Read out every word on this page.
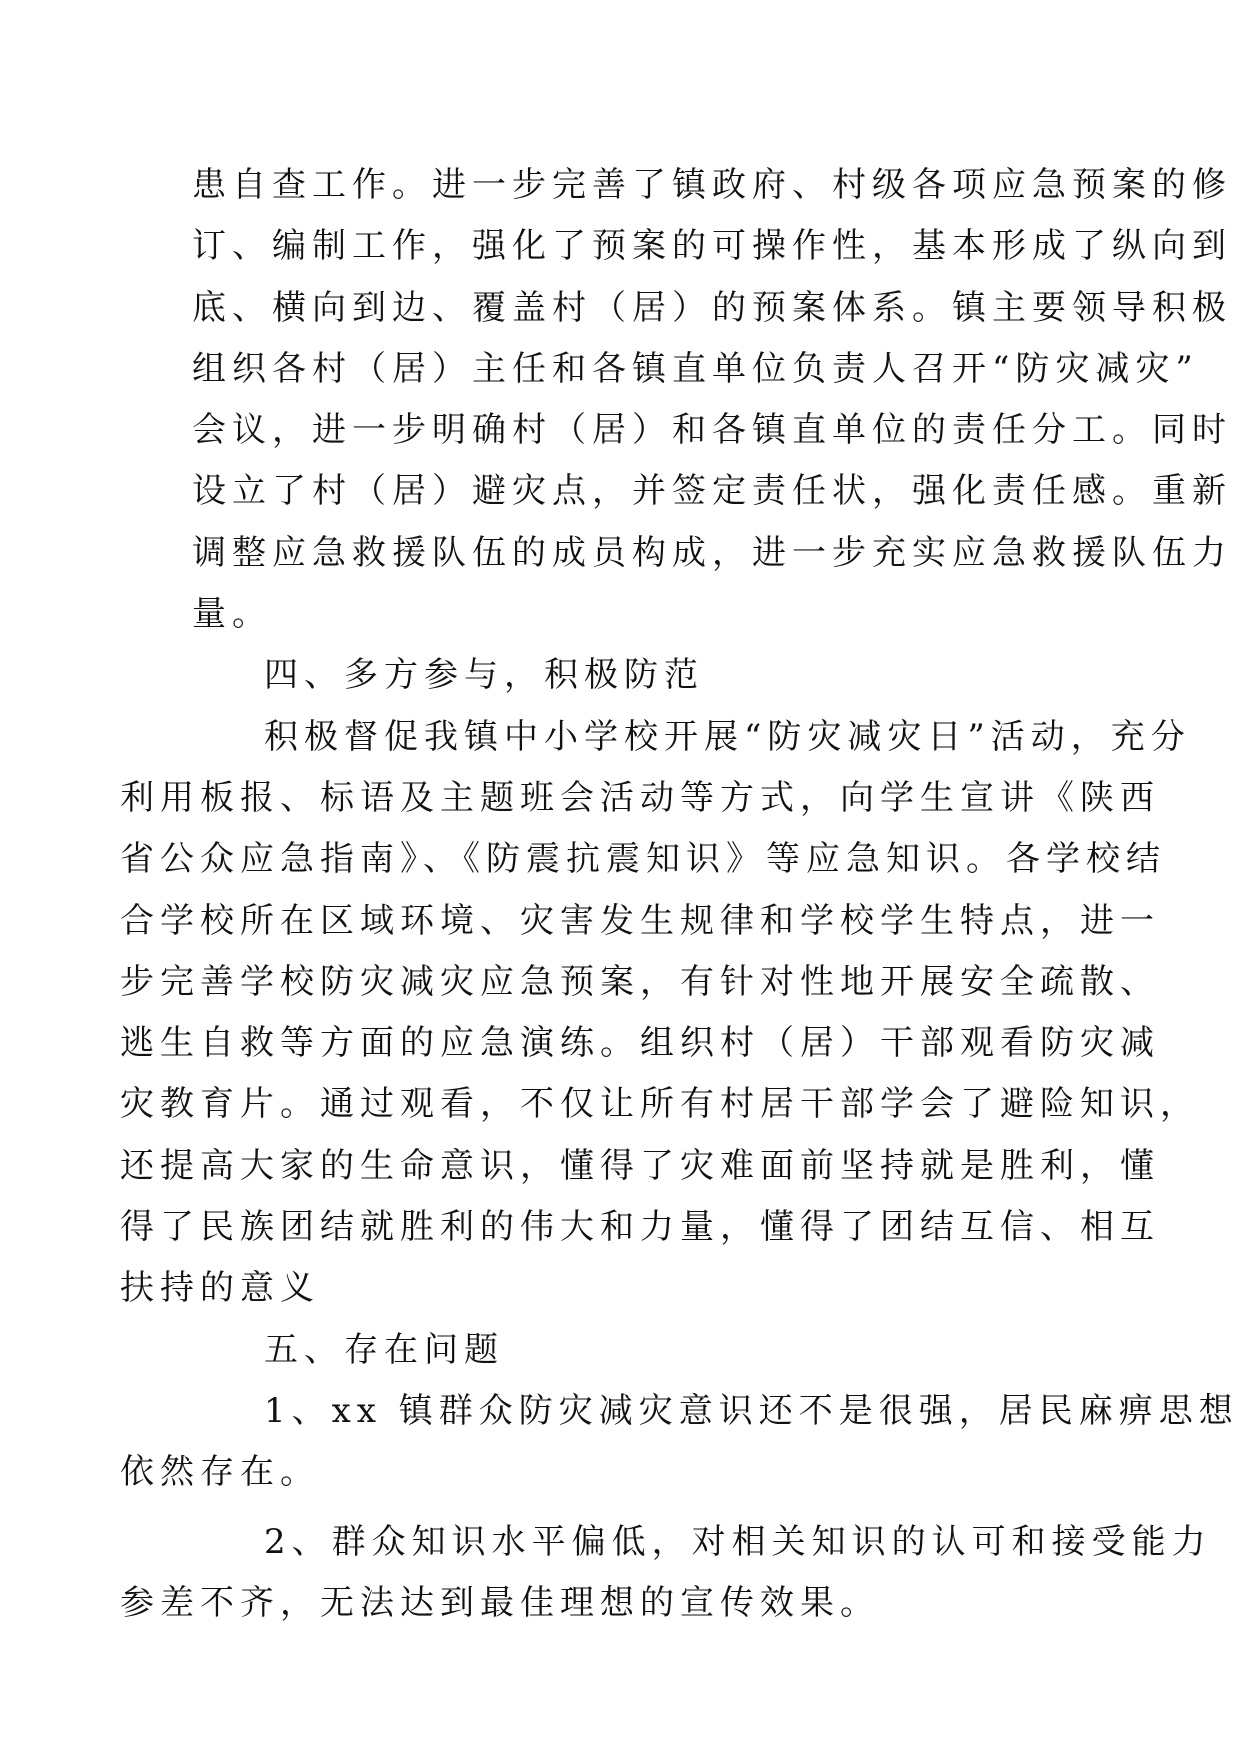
患自查工作。进一步完善了镇政府、村级各项应急预案的修
订、编制工作，强化了预案的可操作性，基本形成了纵向到
底、横向到边、覆盖村（居）的预案体系。镇主要领导积极
组织各村（居）主任和各镇直单位负责人召开“防灾减灾”
会议，进一步明确村（居）和各镇直单位的责任分工。同时
设立了村（居）避灾点，并签定责任状，强化责任感。重新
调整应急救援队伍的成员构成，进一步充实应急救援队伍力
量。

四、多方参与，积极防范

积极督促我镇中小学校开展“防灾减灾日”活动，充分
利用板报、标语及主题班会活动等方式，向学生宣讲《陕西
省公众应急指南》、《防震抗震知识》等应急知识。各学校结
合学校所在区域环境、灾害发生规律和学校学生特点，进一
步完善学校防灾减灾应急预案，有针对性地开展安全疏散、
逃生自救等方面的应急演练。组织村（居）干部观看防灾减
灾教育片。通过观看，不仅让所有村居干部学会了避险知识，
还提高大家的生命意识，懂得了灾难面前坚持就是胜利，懂
得了民族团结就胜利的伟大和力量，懂得了团结互信、相互
扶持的意义

五、存在问题

1、xx 镇群众防灾减灾意识还不是很强，居民麻痹思想
依然存在。

2、群众知识水平偏低，对相关知识的认可和接受能力
参差不齐，无法达到最佳理想的宣传效果。
